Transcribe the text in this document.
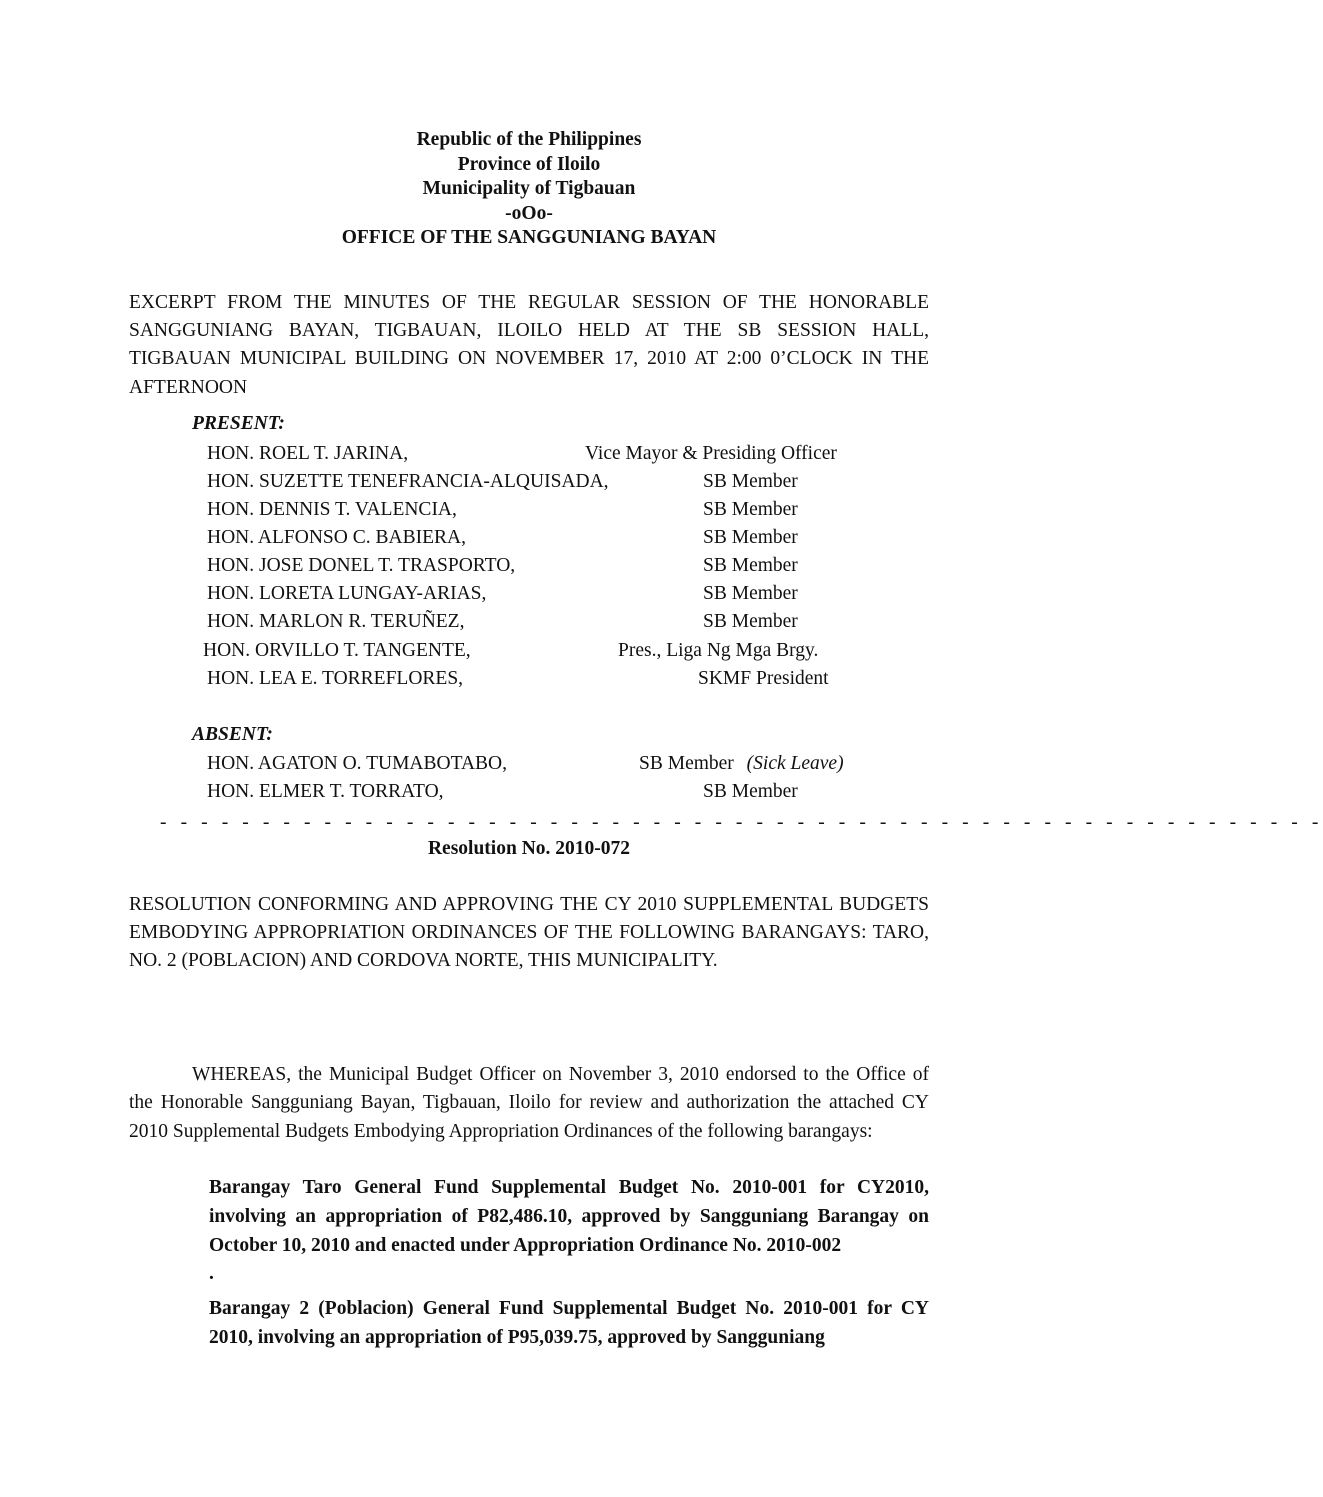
Republic of the Philippines
Province of Iloilo
Municipality of Tigbauan
-oOo-
OFFICE OF THE SANGGUNIANG BAYAN
EXCERPT FROM THE MINUTES OF THE REGULAR SESSION OF THE HONORABLE SANGGUNIANG BAYAN, TIGBAUAN, ILOILO HELD AT THE SB SESSION HALL, TIGBAUAN MUNICIPAL BUILDING ON NOVEMBER 17, 2010 AT 2:00 0’CLOCK IN THE AFTERNOON
PRESENT:
HON. ROEL T. JARINA,	Vice Mayor & Presiding Officer
HON. SUZETTE TENEFRANCIA-ALQUISADA,	SB Member
HON. DENNIS T. VALENCIA,	SB Member
HON. ALFONSO C. BABIERA,	SB Member
HON. JOSE DONEL T. TRASPORTO,	SB Member
HON. LORETA LUNGAY-ARIAS,	SB Member
HON. MARLON R. TERUÑEZ,	SB Member
HON. ORVILLO T. TANGENTE,	Pres., Liga Ng Mga Brgy.
HON. LEA E. TORREFLORES,	SKMF President
ABSENT:
HON. AGATON O. TUMABOTABO,	SB Member (Sick Leave)
HON. ELMER T. TORRATO,	SB Member
- - - - - - - - - - - - - - - - - - - - - - - - - - - - - - - - - - - - - - - - - - - - - - - - - - - - - - - - -
Resolution No. 2010-072
RESOLUTION CONFORMING AND APPROVING THE CY 2010 SUPPLEMENTAL BUDGETS EMBODYING APPROPRIATION ORDINANCES OF THE FOLLOWING BARANGAYS: TARO, NO. 2 (POBLACION) AND CORDOVA NORTE, THIS MUNICIPALITY.
WHEREAS, the Municipal Budget Officer on November 3, 2010 endorsed to the Office of the Honorable Sangguniang Bayan, Tigbauan, Iloilo for review and authorization the attached CY 2010 Supplemental Budgets Embodying Appropriation Ordinances of the following barangays:
Barangay Taro General Fund Supplemental Budget No. 2010-001 for CY2010, involving an appropriation of P82,486.10, approved by Sangguniang Barangay on October 10, 2010 and enacted under Appropriation Ordinance No. 2010-002
.
Barangay 2 (Poblacion) General Fund Supplemental Budget No. 2010-001 for CY 2010, involving an appropriation of P95,039.75, approved by Sangguniang
